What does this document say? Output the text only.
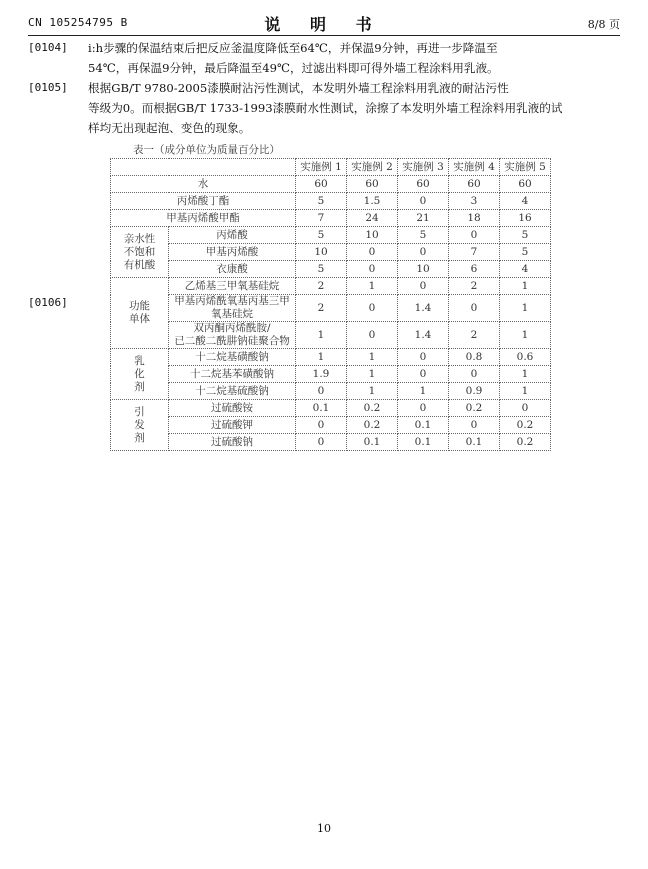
CN 105254795 B	说 明 书	8/8 页
[0104] i:h步骤的保温结束后把反应釜温度降低至64℃，并保温9分钟，再进一步降温至
54℃，再保温9分钟，最后降温至49℃，过滤出料即可得外墙工程涂料用乳液。
[0105] 根据GB/T 9780-2005漆膜耐沾污性测试，本发明外墙工程涂料用乳液的耐沾污性
等级为0。而根据GB/T 1733-1993漆膜耐水性测试，涂擦了本发明外墙工程涂料用乳液的试
样均无出现起泡、变色的现象。
表一（成分单位为质量百分比）
[0106]
		实施例 1	实施例 2	实施例 3	实施例 4	实施例 5
水		60	60	60	60	60
丙烯酸丁酯		5	1.5	0	3	4
甲基丙烯酸甲酯		7	24	21	18	16
亲水性
不饱和
有机酸	丙烯酸	5	10	5	0	5
	甲基丙烯酸	10	0	0	7	5
	衣康酸	5	0	10	6	4
功能
单体	乙烯基三甲氧基硅烷	2	1	0	2	1
	甲基丙烯酰氧基丙基三甲
氧基硅烷	2	0	1.4	0	1
	双丙酮丙烯酰胺/
已二酸二酰肼钠硅聚合物	1	0	1.4	2	1
乳
化
剂	十二烷基磺酸钠	1	1	0	0.8	0.6
	十二烷基苯磺酸钠	1.9	1	0	0	1
	十二烷基硫酸钠	0	1	1	0.9	1
引
发
剂	过硫酸铵	0.1	0.2	0	0.2	0
	过硫酸钾	0	0.2	0.1	0	0.2
	过硫酸钠	0	0.1	0.1	0.1	0.2
10
